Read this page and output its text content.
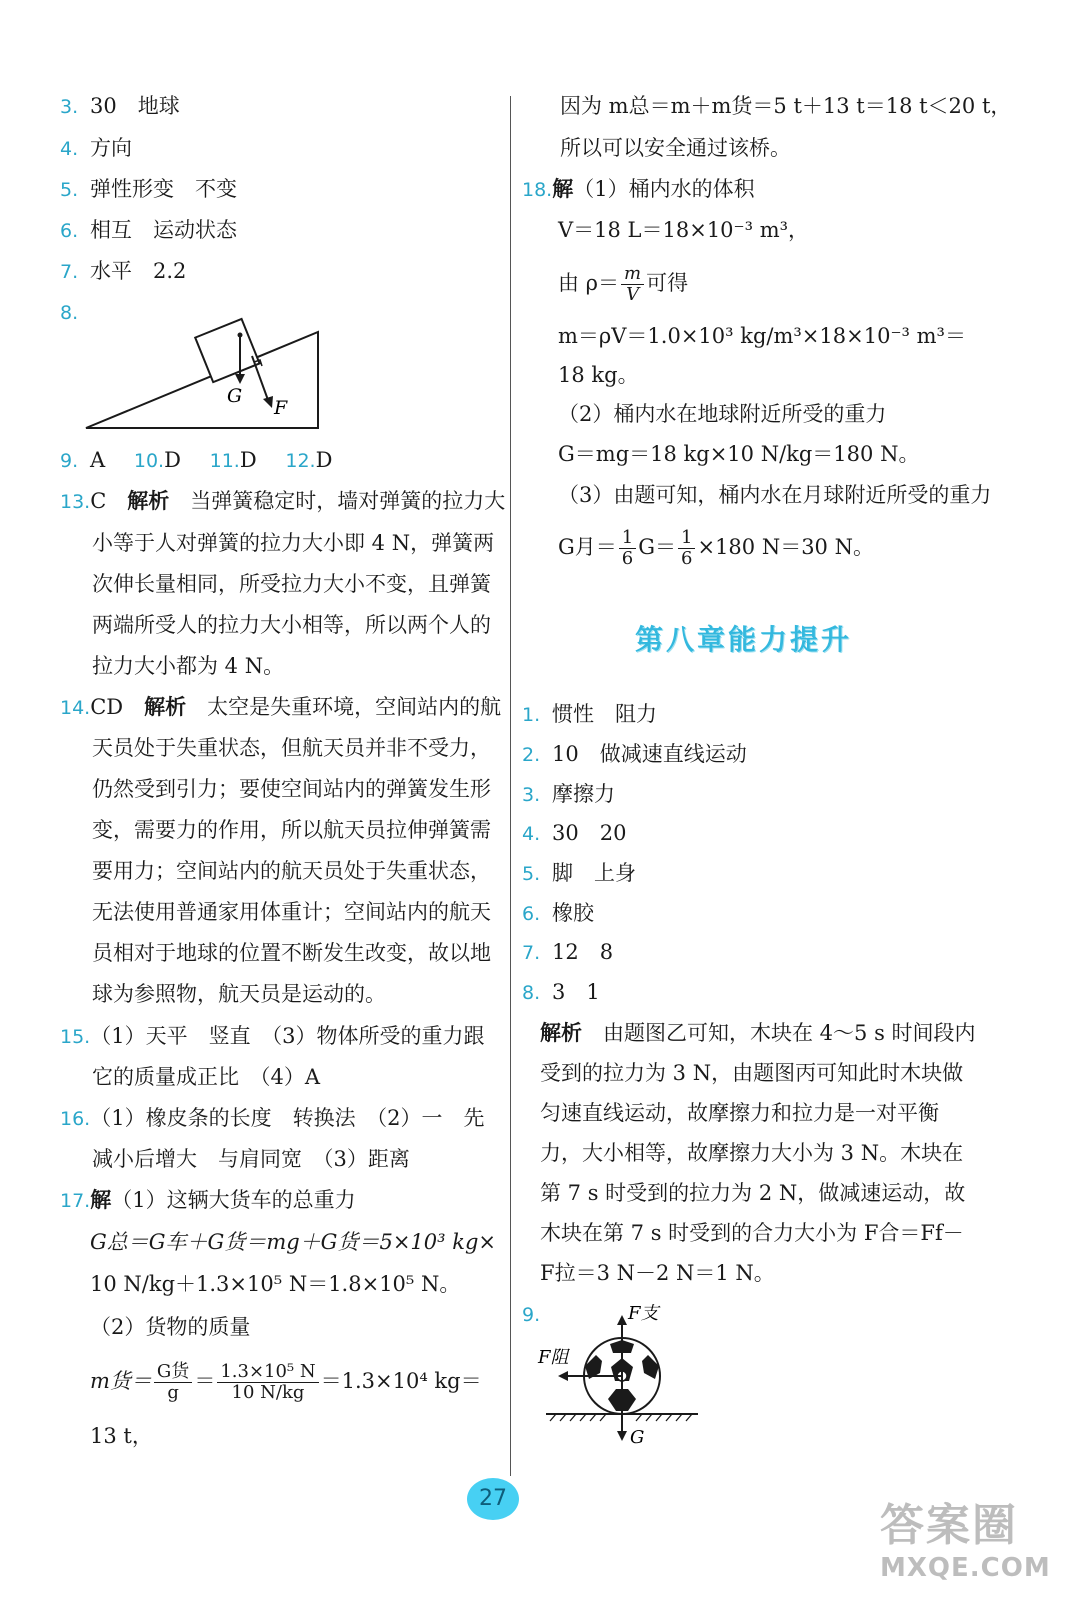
3. 30　地球
4. 方向
5. 弹性形变　不变
6. 相互　运动状态
7. 水平　2.2
8.
G
F
9. A 10.D 11.D 12.D
13.C　 解析　 当弹簧稳定时，墙对弹簧的拉力大
小等于人对弹簧的拉力大小即 4 N，弹簧两
次伸长量相同，所受拉力大小不变，且弹簧
两端所受人的拉力大小相等，所以两个人的
拉力大小都为 4 N。
14.CD　 解析　 太空是失重环境，空间站内的航
天员处于失重状态，但航天员并非不受力，
仍然受到引力；要使空间站内的弹簧发生形
变，需要力的作用，所以航天员拉伸弹簧需
要用力；空间站内的航天员处于失重状态，
无法使用普通家用体重计；空间站内的航天
员相对于地球的位置不断发生改变，故以地
球为参照物，航天员是运动的。
15.（1）天平　竖直　（3）物体所受的重力跟
它的质量成正比　（4）A
16.（1）橡皮条的长度　转换法　（2）一　先
减小后增大　与肩同宽　（3）距离
17.解（1）这辆大货车的总重力
G总＝G车＋G货＝mg＋G货＝5×10³ kg×
10 N/kg＋1.3×10⁵ N＝1.8×10⁵ N。
（2）货物的质量
m货＝ $\frac{\text{G货}}{g} = \frac{\text{1.3×10⁵ N}}{10 N/kg} =1.3\times 10^4$ kg＝
13 t，
因为 m总＝m＋m货＝5 t＋13 t＝18 t＜20 t，
所以可以安全通过该桥。
18.解（1）桶内水的体积
V＝18 L＝18×10⁻³ m³，
由 $\rho= \frac{m}{V}$ 可得
m＝ρV＝1.0×10³ kg/m³×18×10⁻³ m³＝
18 kg。
（2）桶内水在地球附近所受的重力
G＝mg＝18 kg×10 N/kg＝180 N。
（3）由题可知，桶内水在月球附近所受的重力
G月＝ $\frac{1}{6} G= \frac{1}{6} \times 180$ N＝30 N。
1. 惯性　阻力
2. 10　做减速直线运动
3. 摩擦力
4. 30　20
5. 脚　上身
6. 橡胶
7. 12　8
8. 3　1
解析　 由题图乙可知，木块在 4～5 s 时间段内
受到的拉力为 3 N，由题图丙可知此时木块做
匀速直线运动，故摩擦力和拉力是一对平衡
力，大小相等，故摩擦力大小为 3 N。木块在
第 7 s 时受到的拉力为 2 N，做减速运动，故
木块在第 7 s 时受到的合力大小为 F合＝Ff－
F拉＝3 N－2 N＝1 N。
9.	F支
F阻
G
第八章能力提升
27
答案圈
MXQE.COM
